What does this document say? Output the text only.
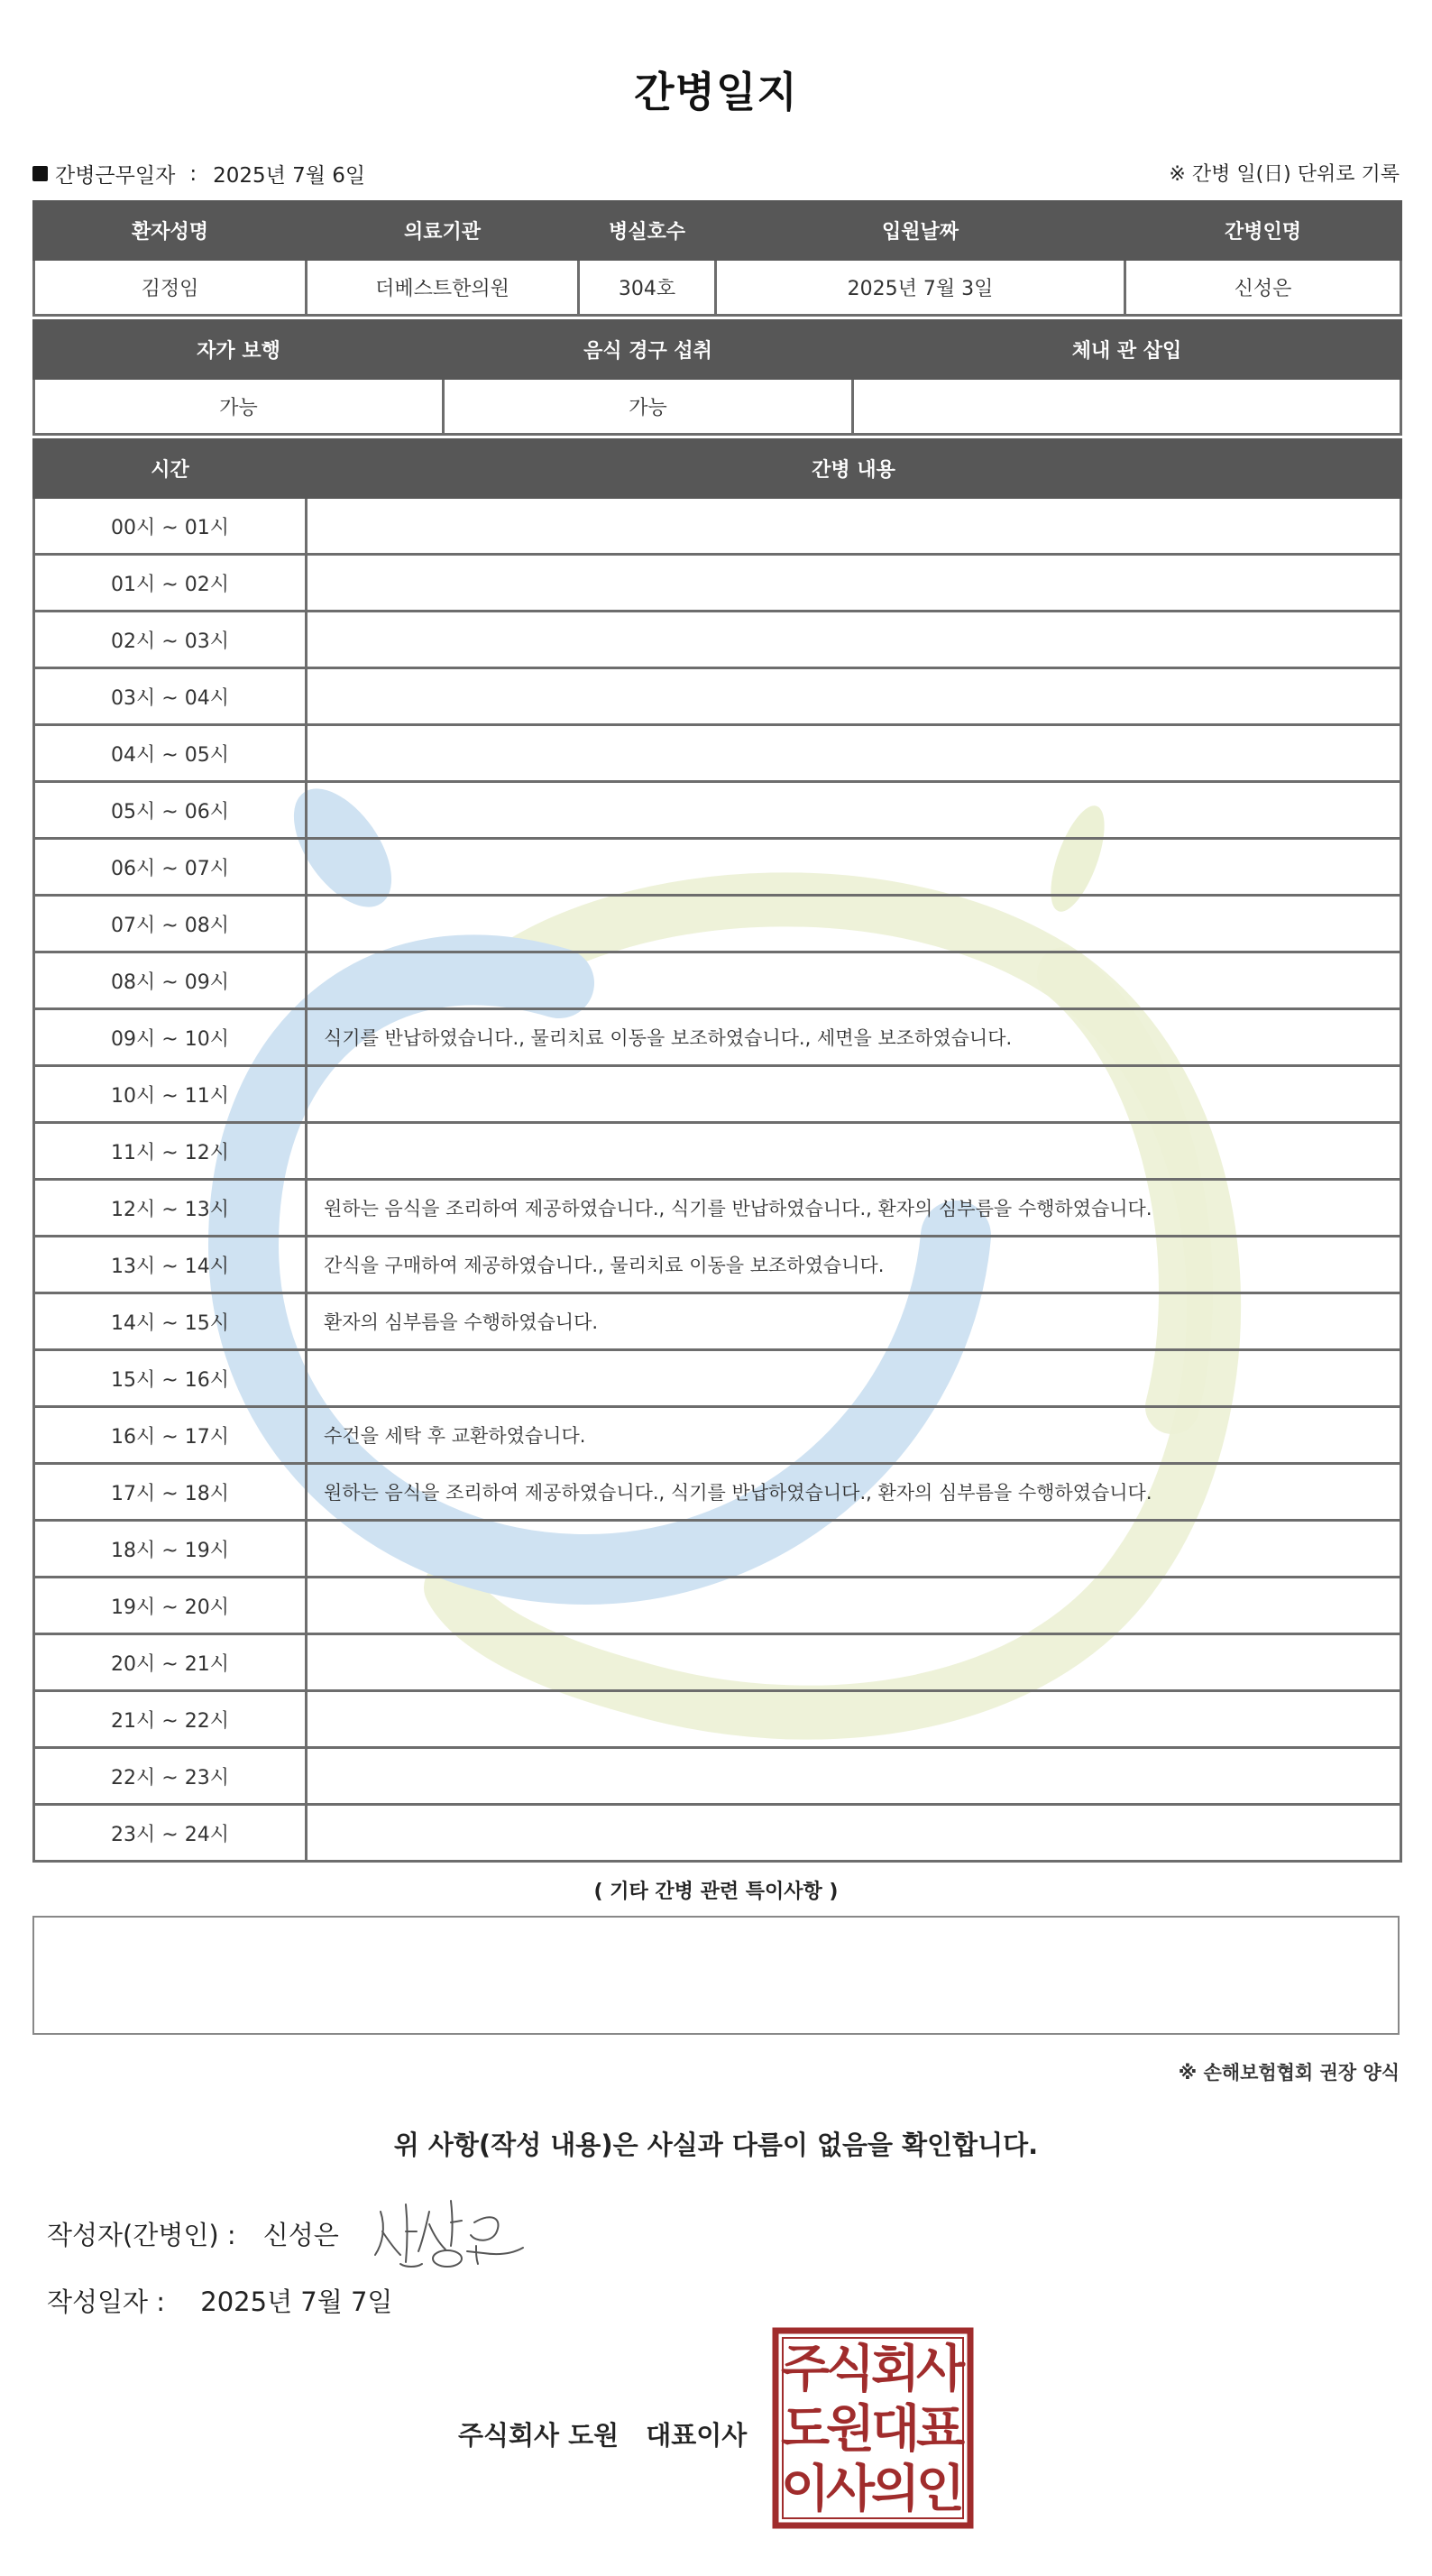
간병일지
간병근무일자 : 2025년 7월 6일	※ 간병 일(日) 단위로 기록
환자성명	의료기관	병실호수	입원날짜	간병인명
김정임	더베스트한의원	304호	2025년 7월 3일	신성은
자가 보행	음식 경구 섭취	체내 관 삽입
가능	가능	
시간	간병 내용
00시 ~ 01시	
01시 ~ 02시	
02시 ~ 03시	
03시 ~ 04시	
04시 ~ 05시	
05시 ~ 06시	
06시 ~ 07시	
07시 ~ 08시	
08시 ~ 09시	
09시 ~ 10시	식기를 반납하였습니다., 물리치료 이동을 보조하였습니다., 세면을 보조하였습니다.
10시 ~ 11시	
11시 ~ 12시	
12시 ~ 13시	원하는 음식을 조리하여 제공하였습니다., 식기를 반납하였습니다., 환자의 심부름을 수행하였습니다.
13시 ~ 14시	간식을 구매하여 제공하였습니다., 물리치료 이동을 보조하였습니다.
14시 ~ 15시	환자의 심부름을 수행하였습니다.
15시 ~ 16시	
16시 ~ 17시	수건을 세탁 후 교환하였습니다.
17시 ~ 18시	원하는 음식을 조리하여 제공하였습니다., 식기를 반납하였습니다., 환자의 심부름을 수행하였습니다.
18시 ~ 19시	
19시 ~ 20시	
20시 ~ 21시	
21시 ~ 22시	
22시 ~ 23시	
23시 ~ 24시	
( 기타 간병 관련 특이사항 )
※ 손해보험협회 권장 양식
위 사항(작성 내용)은 사실과 다름이 없음을 확인합니다.
작성자(간병인) : 신성은
작성일자 : 2025년 7월 7일
주식회사 도원 대표이사
주
식
회
사
도
원
대
표
이
사
의
인
